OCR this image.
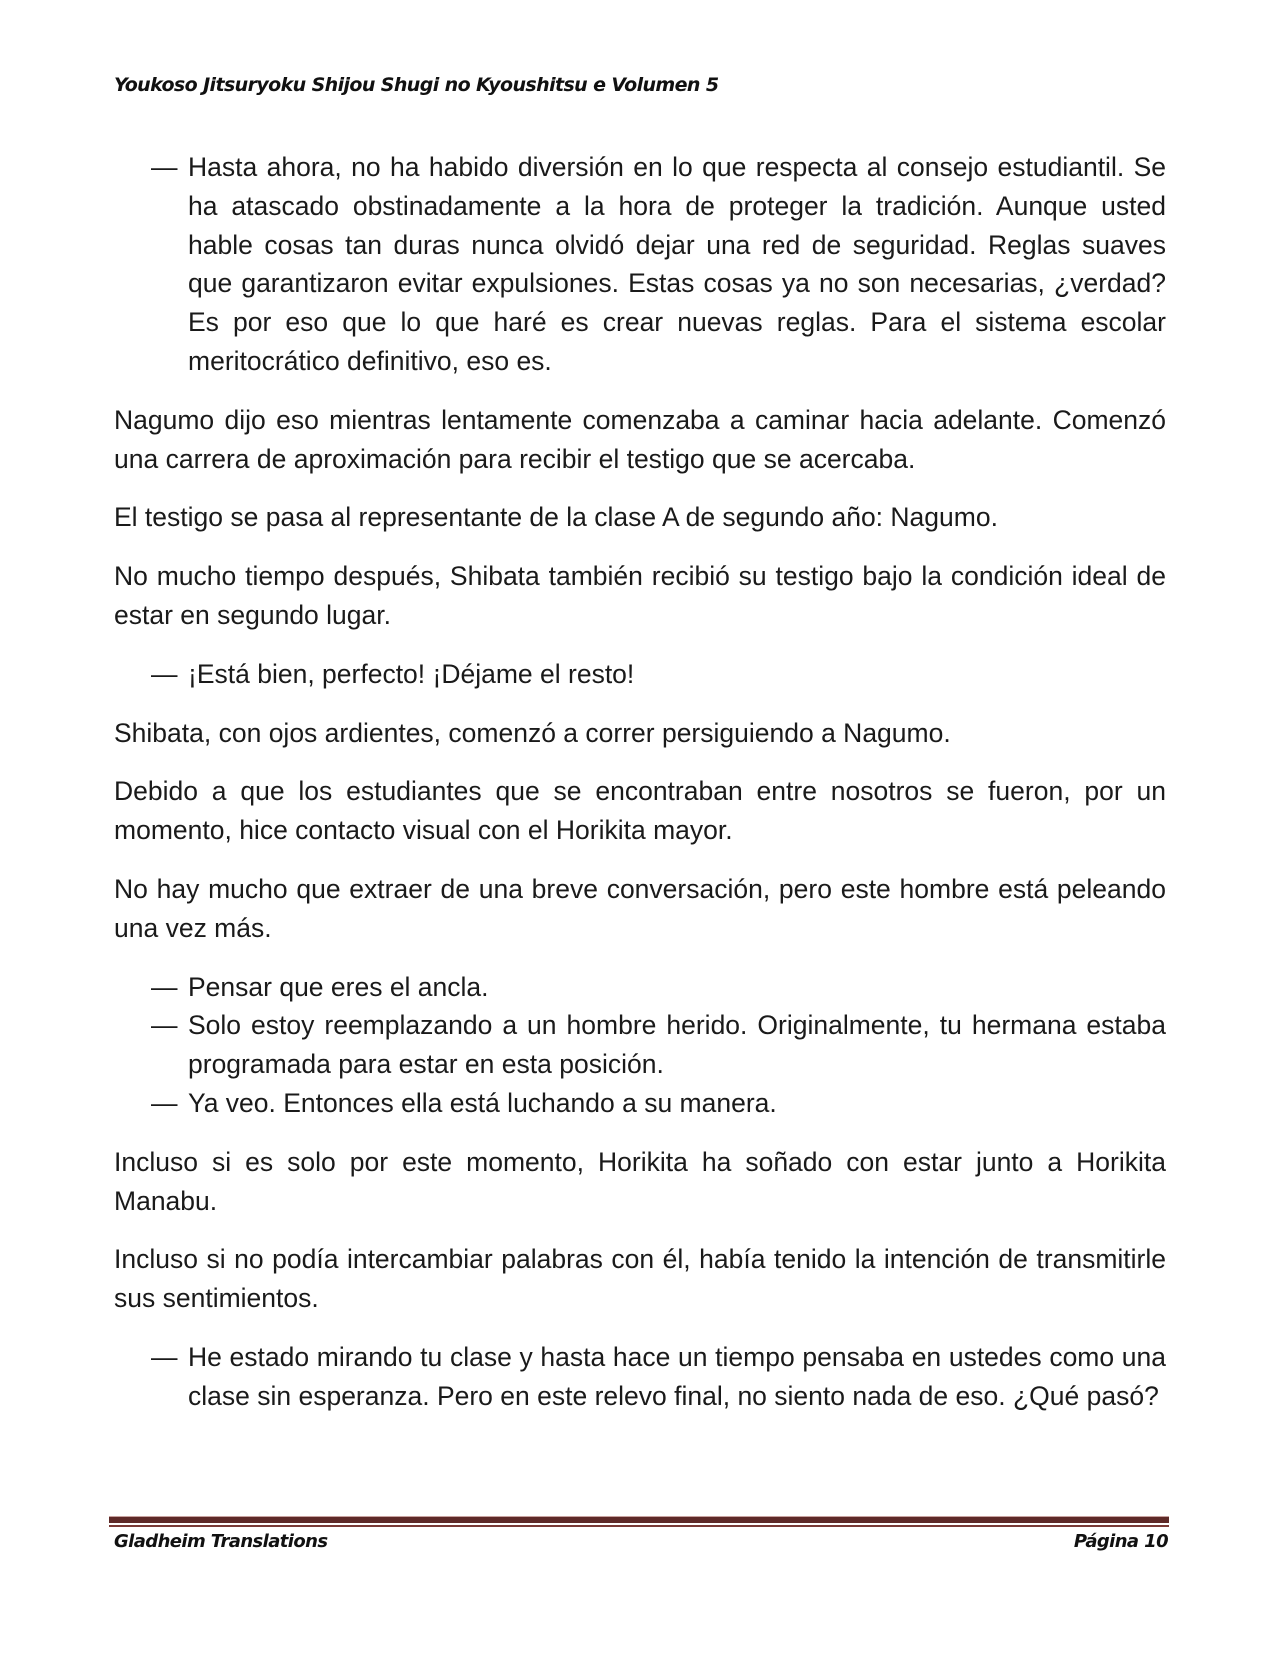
Youkoso Jitsuryoku Shijou Shugi no Kyoushitsu e Volumen 5
— Hasta ahora, no ha habido diversión en lo que respecta al consejo estudiantil. Se ha atascado obstinadamente a la hora de proteger la tradición. Aunque usted hable cosas tan duras nunca olvidó dejar una red de seguridad. Reglas suaves que garantizaron evitar expulsiones. Estas cosas ya no son necesarias, ¿verdad? Es por eso que lo que haré es crear nuevas reglas. Para el sistema escolar meritocrático definitivo, eso es.

Nagumo dijo eso mientras lentamente comenzaba a caminar hacia adelante. Comenzó una carrera de aproximación para recibir el testigo que se acercaba.

El testigo se pasa al representante de la clase A de segundo año: Nagumo.

No mucho tiempo después, Shibata también recibió su testigo bajo la condición ideal de estar en segundo lugar.

— ¡Está bien, perfecto! ¡Déjame el resto!

Shibata, con ojos ardientes, comenzó a correr persiguiendo a Nagumo.

Debido a que los estudiantes que se encontraban entre nosotros se fueron, por un momento, hice contacto visual con el Horikita mayor.

No hay mucho que extraer de una breve conversación, pero este hombre está peleando una vez más.

— Pensar que eres el ancla.
— Solo estoy reemplazando a un hombre herido. Originalmente, tu hermana estaba programada para estar en esta posición.
— Ya veo. Entonces ella está luchando a su manera.

Incluso si es solo por este momento, Horikita ha soñado con estar junto a Horikita Manabu.

Incluso si no podía intercambiar palabras con él, había tenido la intención de transmitirle sus sentimientos.

— He estado mirando tu clase y hasta hace un tiempo pensaba en ustedes como una clase sin esperanza. Pero en este relevo final, no siento nada de eso. ¿Qué pasó?
Gladheim Translations	Página 10
